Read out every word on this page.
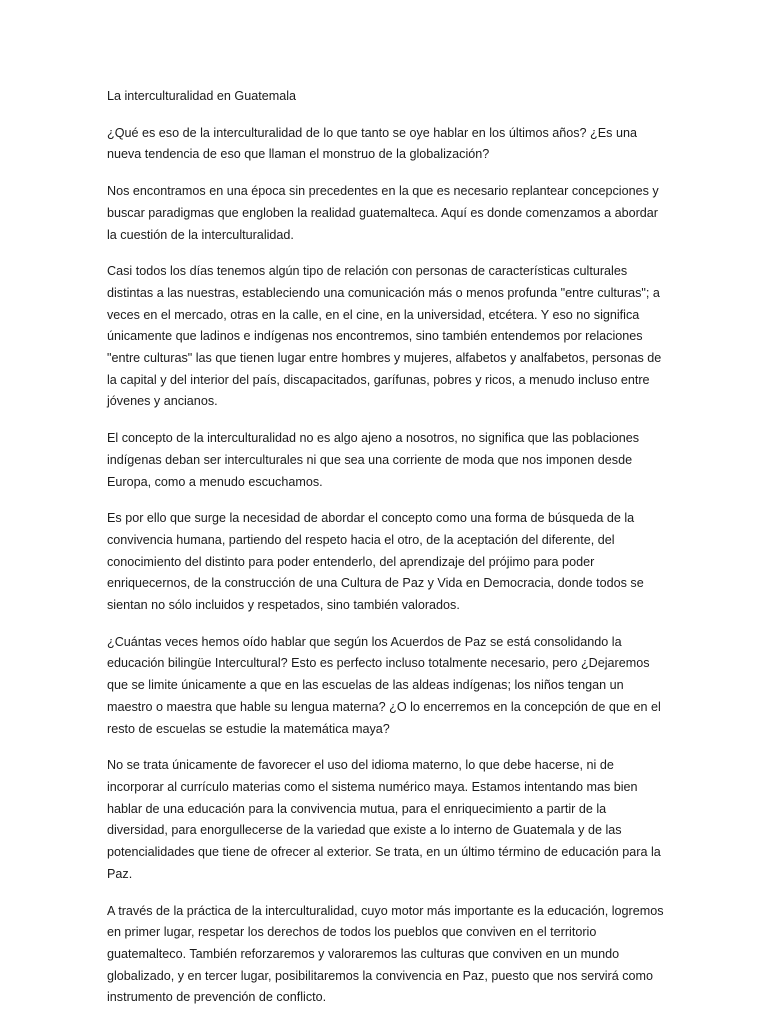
La interculturalidad en Guatemala

¿Qué es eso de la interculturalidad de lo que tanto se oye hablar en los últimos años? ¿Es una nueva tendencia de eso que llaman el monstruo de la globalización?

Nos encontramos en una época sin precedentes en la que es necesario replantear concepciones y buscar paradigmas que engloben la realidad guatemalteca. Aquí es donde comenzamos a abordar la cuestión de la interculturalidad.

Casi todos los días tenemos algún tipo de relación con personas de características culturales distintas a las nuestras, estableciendo una comunicación más o menos profunda "entre culturas"; a veces en el mercado, otras en la calle, en el cine, en la universidad, etcétera. Y eso no significa únicamente que ladinos e indígenas nos encontremos, sino también entendemos por relaciones "entre culturas" las que tienen lugar entre hombres y mujeres, alfabetos y analfabetos, personas de la capital y del interior del país, discapacitados, garífunas, pobres y ricos, a menudo incluso entre jóvenes y ancianos.

El concepto de la interculturalidad no es algo ajeno a nosotros, no significa que las poblaciones indígenas deban ser interculturales ni que sea una corriente de moda que nos imponen desde Europa, como a menudo escuchamos.

Es por ello que surge la necesidad de abordar el concepto como una forma de búsqueda de la convivencia humana, partiendo del respeto hacia el otro, de la aceptación del diferente, del conocimiento del distinto para poder entenderlo, del aprendizaje del prójimo para poder enriquecernos, de la construcción de una Cultura de Paz y Vida en Democracia, donde todos se sientan no sólo incluidos y respetados, sino también valorados.

¿Cuántas veces hemos oído hablar que según los Acuerdos de Paz se está consolidando la educación bilingüe Intercultural? Esto es perfecto incluso totalmente necesario, pero ¿Dejaremos que se limite únicamente a que en las escuelas de las aldeas indígenas; los niños tengan un maestro o maestra que hable su lengua materna? ¿O lo encerremos en la concepción de que en el resto de escuelas se estudie la matemática maya?

No se trata únicamente de favorecer el uso del idioma materno, lo que debe hacerse, ni de incorporar al currículo materias como el sistema numérico maya. Estamos intentando mas bien hablar de una educación para la convivencia mutua, para el enriquecimiento a partir de la diversidad, para enorgullecerse de la variedad que existe a lo interno de Guatemala y de las potencialidades que tiene de ofrecer al exterior. Se trata, en un último término de educación para la Paz.

A través de la práctica de la interculturalidad, cuyo motor más importante es la educación, logremos en primer lugar, respetar los derechos de todos los pueblos que conviven en el territorio guatemalteco. También reforzaremos y valoraremos las culturas que conviven en un mundo globalizado, y en tercer lugar, posibilitaremos la convivencia en Paz, puesto que nos servirá como instrumento de prevención de conflicto.
